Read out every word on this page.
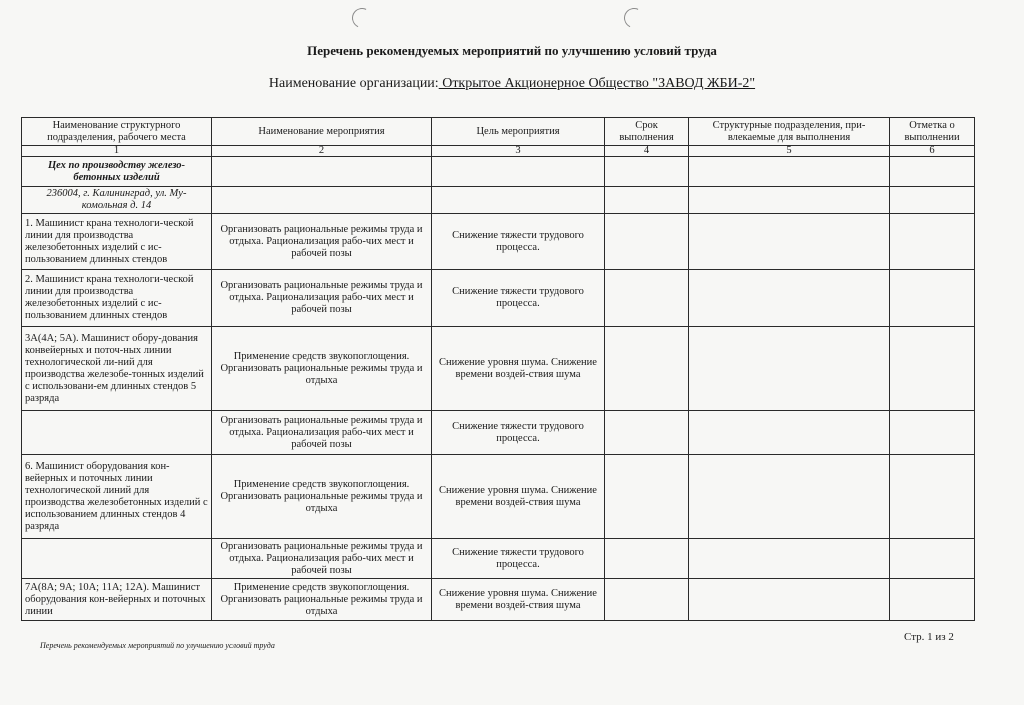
Перечень рекомендуемых мероприятий по улучшению условий труда
Наименование организации: Открытое Акционерное Общество "ЗАВОД ЖБИ-2"
Наименование структурного подразделения, рабочего места	Наименование мероприятия	Цель мероприятия	Срок выполнения	Структурные подразделения, при-влекаемые для выполнения	Отметка о выполнении
1	2	3	4	5	6
Цех по производству железо-бетонных изделий					
236004, г. Калининград, ул. Му-комольная д. 14					
1. Машинист крана технологи-ческой линии для производства железобетонных изделий с ис-пользованием длинных стендов	Организовать рациональные режимы труда и отдыха. Рационализация рабо-чих мест и рабочей позы	Снижение тяжести трудового процесса.			
2. Машинист крана технологи-ческой линии для производства железобетонных изделий с ис-пользованием длинных стендов	Организовать рациональные режимы труда и отдыха. Рационализация рабо-чих мест и рабочей позы	Снижение тяжести трудового процесса.			
3А(4А; 5А). Машинист обору-дования конвейерных и поточ-ных линии технологической ли-ний для производства железобе-тонных изделий с использовани-ем длинных стендов 5 разряда	Применение средств звукопоглощения. Организовать рациональные режимы труда и отдыха	Снижение уровня шума. Снижение времени воздей-ствия шума			
	Организовать рациональные режимы труда и отдыха. Рационализация рабо-чих мест и рабочей позы	Снижение тяжести трудового процесса.			
6. Машинист оборудования кон-вейерных и поточных линии технологической линий для производства железобетонных изделий с использованием длинных стендов 4 разряда	Применение средств звукопоглощения. Организовать рациональные режимы труда и отдыха	Снижение уровня шума. Снижение времени воздей-ствия шума			
	Организовать рациональные режимы труда и отдыха. Рационализация рабо-чих мест и рабочей позы	Снижение тяжести трудового процесса.			
7А(8А; 9А; 10А; 11А; 12А). Машинист оборудования кон-вейерных и поточных линии	Применение средств звукопоглощения. Организовать рациональные режимы труда и отдыха	Снижение уровня шума. Снижение времени воздей-ствия шума			
Перечень рекомендуемых мероприятий по улучшению условий труда
Стр. 1 из 2
